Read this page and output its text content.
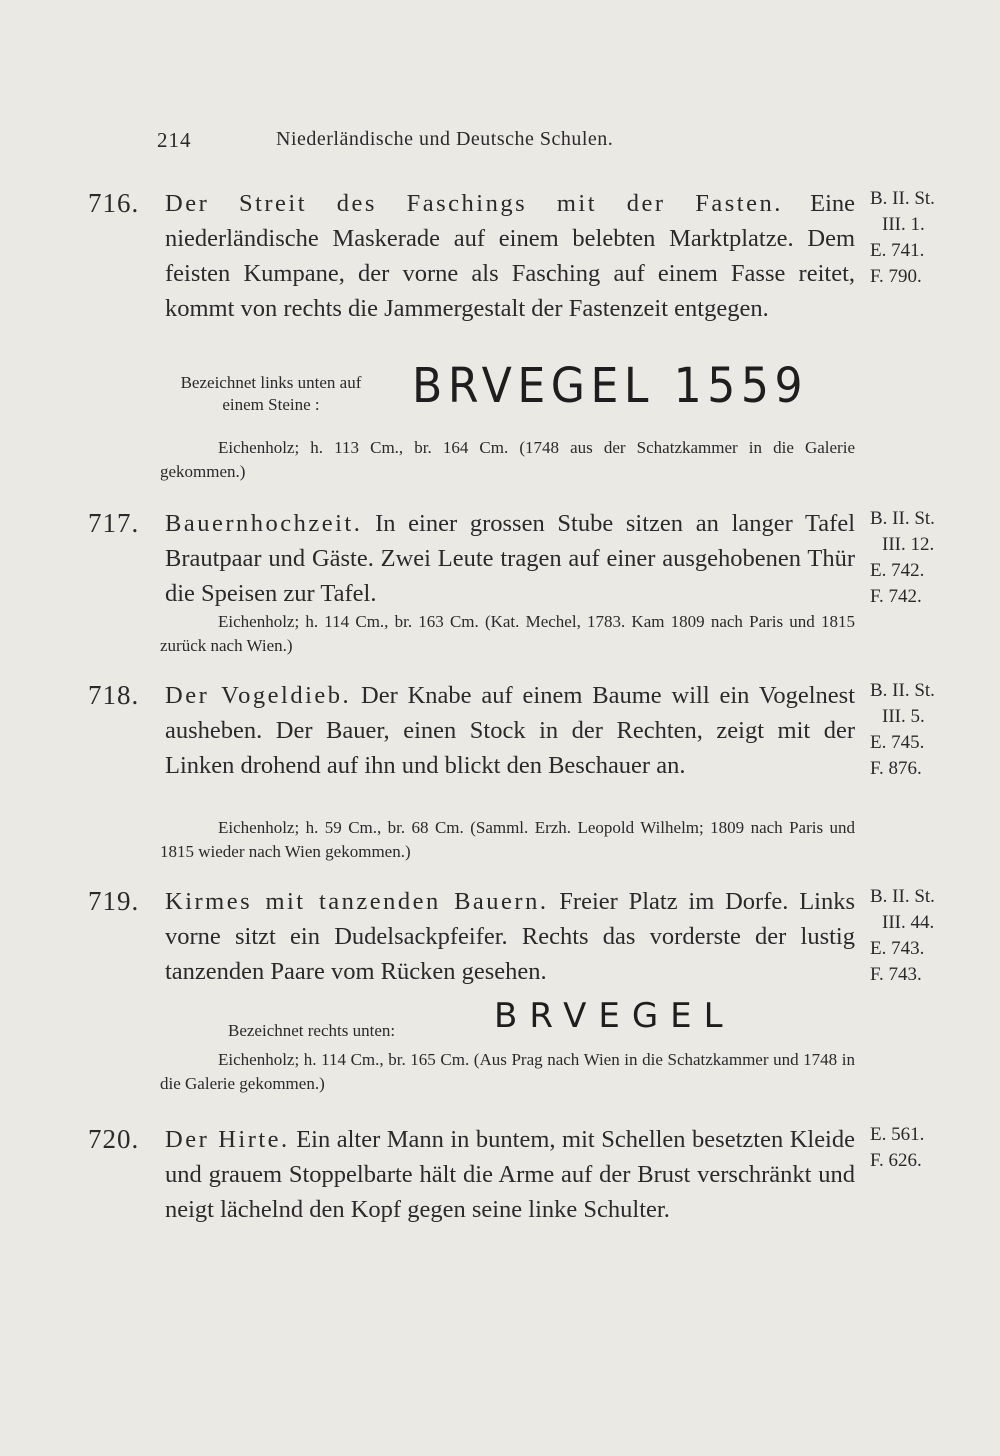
214	Niederländische und Deutsche Schulen.
716. Der Streit des Faschings mit der Fasten. Eine niederländische Maskerade auf einem belebten Marktplatze. Dem feisten Kumpane, der vorne als Fasching auf einem Fasse reitet, kommt von rechts die Jammergestalt der Fastenzeit entgegen.
B. II. St.
III. 1.
E. 741.
F. 790.
Bezeichnet links unten auf einem Steine :	BRVEGEL 1559
Eichenholz; h. 113 Cm., br. 164 Cm. (1748 aus der Schatzkammer in die Galerie gekommen.)
717. Bauernhochzeit. In einer grossen Stube sitzen an langer Tafel Brautpaar und Gäste. Zwei Leute tragen auf einer ausgehobenen Thür die Speisen zur Tafel.
B. II. St.
III. 12.
E. 742.
F. 742.
Eichenholz; h. 114 Cm., br. 163 Cm. (Kat. Mechel, 1783. Kam 1809 nach Paris und 1815 zurück nach Wien.)
718. Der Vogeldieb. Der Knabe auf einem Baume will ein Vogelnest ausheben. Der Bauer, einen Stock in der Rechten, zeigt mit der Linken drohend auf ihn und blickt den Beschauer an.
B. II. St.
III. 5.
E. 745.
F. 876.
Eichenholz; h. 59 Cm., br. 68 Cm. (Samml. Erzh. Leopold Wilhelm; 1809 nach Paris und 1815 wieder nach Wien gekommen.)
719. Kirmes mit tanzenden Bauern. Freier Platz im Dorfe. Links vorne sitzt ein Dudelsackpfeifer. Rechts das vorderste der lustig tanzenden Paare vom Rücken gesehen.
B. II. St.
III. 44.
E. 743.
F. 743.
Bezeichnet rechts unten:	BRVEGEL
Eichenholz; h. 114 Cm., br. 165 Cm. (Aus Prag nach Wien in die Schatzkammer und 1748 in die Galerie gekommen.)
720. Der Hirte. Ein alter Mann in buntem, mit Schellen besetzten Kleide und grauem Stoppelbarte hält die Arme auf der Brust verschränkt und neigt lächelnd den Kopf gegen seine linke Schulter.
E. 561.
F. 626.
